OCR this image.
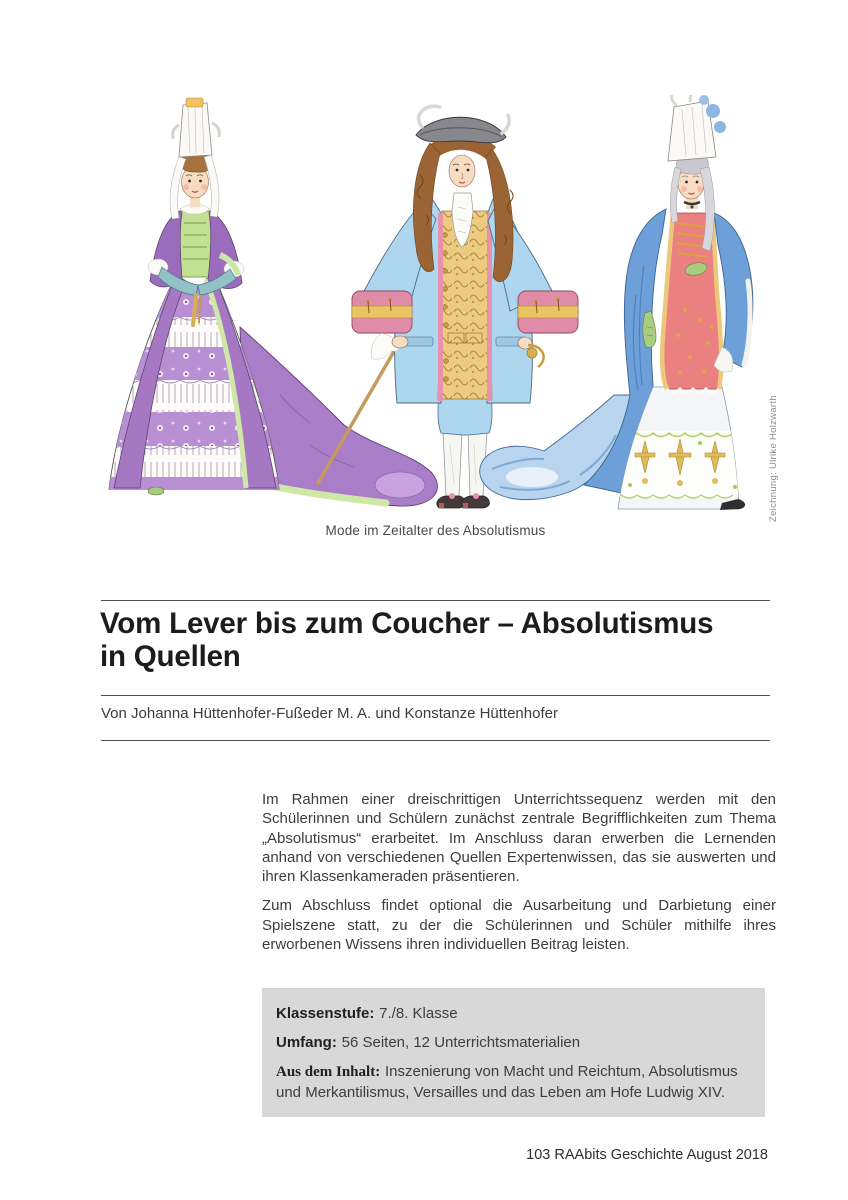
Zeichnung: Ulrike Holzwarth
Mode im Zeitalter des Absolutismus
Vom Lever bis zum Coucher – Absolutismus
in Quellen
Von Johanna Hüttenhofer-Fußeder M. A. und Konstanze Hüttenhofer

Im Rahmen einer dreischrittigen Unterrichtssequenz werden mit den Schülerinnen und Schülern zunächst zentrale Begrifflichkeiten zum Thema „Absolutismus“ erarbeitet. Im Anschluss daran erwerben die Lernenden anhand von verschiedenen Quellen Expertenwissen, das sie auswerten und ihren Klassenkameraden präsentieren.

Zum Abschluss findet optional die Ausarbeitung und Darbietung einer Spielszene statt, zu der die Schülerinnen und Schüler mithilfe ihres erworbenen Wissens ihren individuellen Beitrag leisten.

Klassenstufe: 7./8. Klasse
Umfang: 56 Seiten, 12 Unterrichtsmaterialien
Aus dem Inhalt: Inszenierung von Macht und Reichtum, Absolutismus und Merkantilismus, Versailles und das Leben am Hofe Ludwig XIV.
103 RAAbits Geschichte August 2018
